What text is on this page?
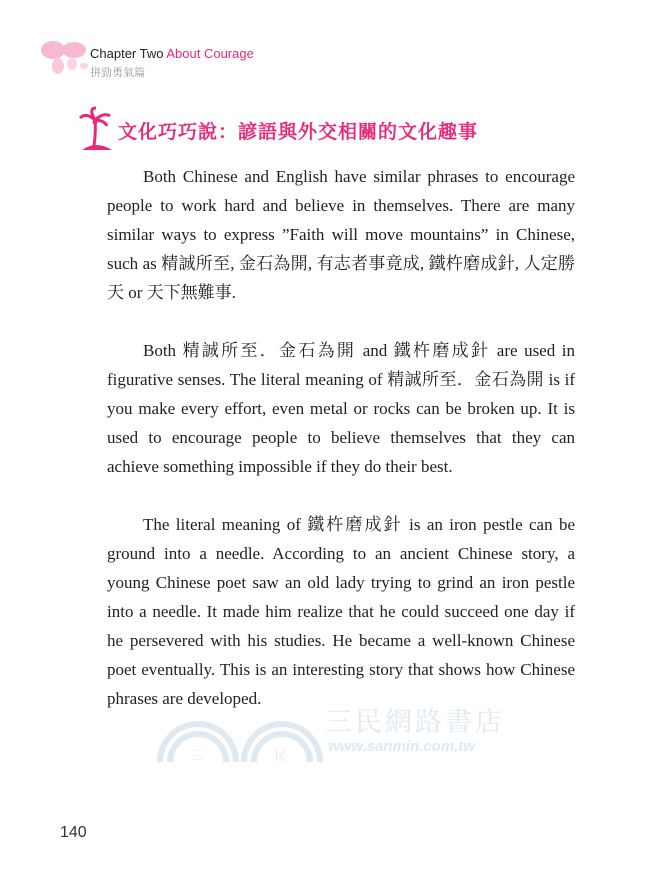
Chapter Two About Courage
拼勁勇氣篇
文化巧巧說：諺語與外交相關的文化趣事

Both Chinese and English have similar phrases to encourage people to work hard and believe in themselves. There are many similar ways to express ”Faith will move mountains” in Chinese, such as 精誠所至, 金石為開, 有志者事竟成, 鐵杵磨成針, 人定勝天 or 天下無難事.

Both 精誠所至．金石為開 and 鐵杵磨成針 are used in figurative senses. The literal meaning of 精誠所至．金石為開 is if you make every effort, even metal or rocks can be broken up. It is used to encourage people to believe themselves that they can achieve something impossible if they do their best.

The literal meaning of 鐵杵磨成針 is an iron pestle can be ground into a needle. According to an ancient Chinese story, a young Chinese poet saw an old lady trying to grind an iron pestle into a needle. It made him realize that he could succeed one day if he persevered with his studies. He became a well-known Chinese poet eventually. This is an interesting story that shows how Chinese phrases are developed.

三	民
三民網路書店
www.sanmin.com.tw
140
